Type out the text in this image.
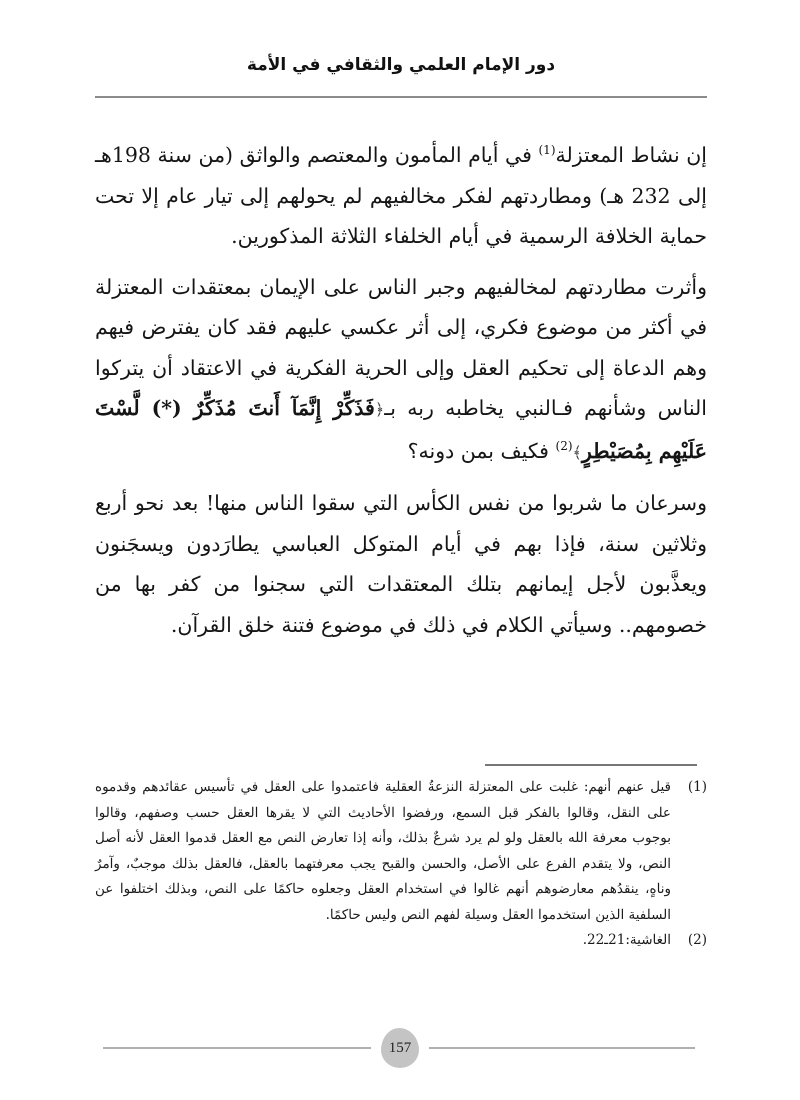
دور الإمام العلمي والثقافي في الأمة

إن نشاط المعتزلة$^{(1)}$ في أيام المأمون والمعتصم والواثق (من سنة 198هـ إلى 232 هـ) ومطاردتهم لفكر مخالفيهم لم يحولهم إلى تيار عام إلا تحت حماية الخلافة الرسمية في أيام الخلفاء الثلاثة المذكورين.

وأثرت مطاردتهم لمخالفيهم وجبر الناس على الإيمان بمعتقدات المعتزلة في أكثر من موضوع فكري، إلى أثر عكسي عليهم فقد كان يفترض فيهم وهم الدعاة إلى تحكيم العقل وإلى الحرية الفكرية في الاعتقاد أن يتركوا الناس وشأنهم فـالنبي يخاطبه ربه بـ﴿فَذَكِّرْ إِنَّمَآ أَنتَ مُذَكِّرٌ (*) لَّسْتَ عَلَيْهِم بِمُصَيْطِرٍ﴾$^{(2)}$ فكيف بمن دونه؟

وسرعان ما شربوا من نفس الكأس التي سقوا الناس منها! بعد نحو أربع وثلاثين سنة، فإذا بهم في أيام المتوكل العباسي يطارَدون ويسجَنون ويعذَّبون لأجل إيمانهم بتلك المعتقدات التي سجنوا من كفر بها من خصومهم.. وسيأتي الكلام في ذلك في موضوع فتنة خلق القرآن.

(1)
قيل عنهم أنهم: غلبت على المعتزلة النزعةُ العقلية فاعتمدوا على العقل في تأسيس عقائدهم وقدموه على النقل، وقالوا بالفكر قبل السمع، ورفضوا الأحاديث التي لا يقرها العقل حسب وصفهم، وقالوا بوجوب معرفة الله بالعقل ولو لم يرد شرعٌ بذلك، وأنه إذا تعارض النص مع العقل قدموا العقل لأنه أصل النص، ولا يتقدم الفرع على الأصل، والحسن والقبح يجب معرفتهما بالعقل، فالعقل بذلك موجبٌ، وآمرٌ وناهٍ، ينقدُهم معارضوهم أنهم غالوا في استخدام العقل وجعلوه حاكمًا على النص، وبذلك اختلفوا عن السلفية الذين استخدموا العقل وسيلة لفهم النص وليس حاكمًا.
(2)
الغاشية:21ـ22.
157
